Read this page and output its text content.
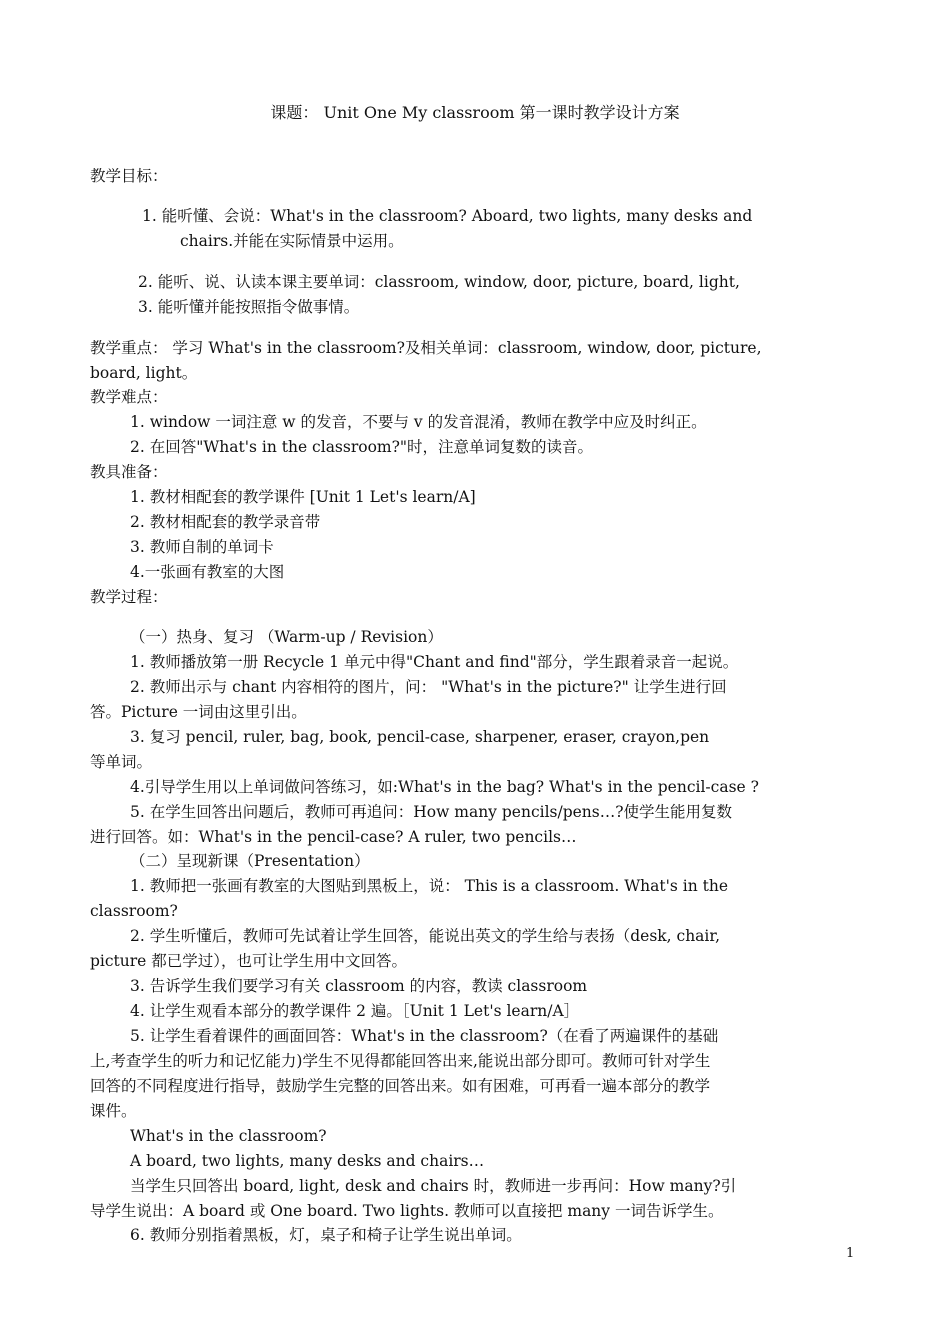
课题： Unit One My classroom 第一课时教学设计方案
教学目标：
1. 能听懂、会说：What's in the classroom? Aboard, two lights, many desks and
chairs.并能在实际情景中运用。
2. 能听、说、认读本课主要单词：classroom, window, door, picture, board, light,
3. 能听懂并能按照指令做事情。
教学重点： 学习 What's in the classroom?及相关单词：classroom, window, door, picture,
board, light。
教学难点：
1. window 一词注意 w 的发音，不要与 v 的发音混淆，教师在教学中应及时纠正。
2. 在回答"What's in the classroom?"时，注意单词复数的读音。
教具准备：
1. 教材相配套的教学课件 [Unit 1 Let's learn/A]
2. 教材相配套的教学录音带
3. 教师自制的单词卡
4.一张画有教室的大图
教学过程：
（一）热身、复习 （Warm-up / Revision）
1. 教师播放第一册 Recycle 1 单元中得"Chant and find"部分，学生跟着录音一起说。
2. 教师出示与 chant 内容相符的图片，问： "What's in the picture?" 让学生进行回
答。Picture 一词由这里引出。
3. 复习 pencil, ruler, bag, book, pencil-case, sharpener, eraser, crayon,pen
等单词。
4.引导学生用以上单词做问答练习，如:What's in the bag? What's in the pencil-case ?
5. 在学生回答出问题后，教师可再追问：How many pencils/pens…?使学生能用复数
进行回答。如：What's in the pencil-case? A ruler, two pencils…
（二）呈现新课（Presentation）
1. 教师把一张画有教室的大图贴到黑板上，说： This is a classroom. What's in the
classroom?
2. 学生听懂后，教师可先试着让学生回答，能说出英文的学生给与表扬（desk, chair,
picture 都已学过），也可让学生用中文回答。
3. 告诉学生我们要学习有关 classroom 的内容，教读 classroom
4. 让学生观看本部分的教学课件 2 遍。［Unit 1 Let's learn/A］
5. 让学生看着课件的画面回答：What's in the classroom?（在看了两遍课件的基础
上,考查学生的听力和记忆能力)学生不见得都能回答出来,能说出部分即可。教师可针对学生
回答的不同程度进行指导，鼓励学生完整的回答出来。如有困难，可再看一遍本部分的教学
课件。
What's in the classroom?
A board, two lights, many desks and chairs…
当学生只回答出 board, light, desk and chairs 时，教师进一步再问：How many?引
导学生说出：A board 或 One board. Two lights. 教师可以直接把 many 一词告诉学生。
6. 教师分别指着黑板，灯，桌子和椅子让学生说出单词。
1
